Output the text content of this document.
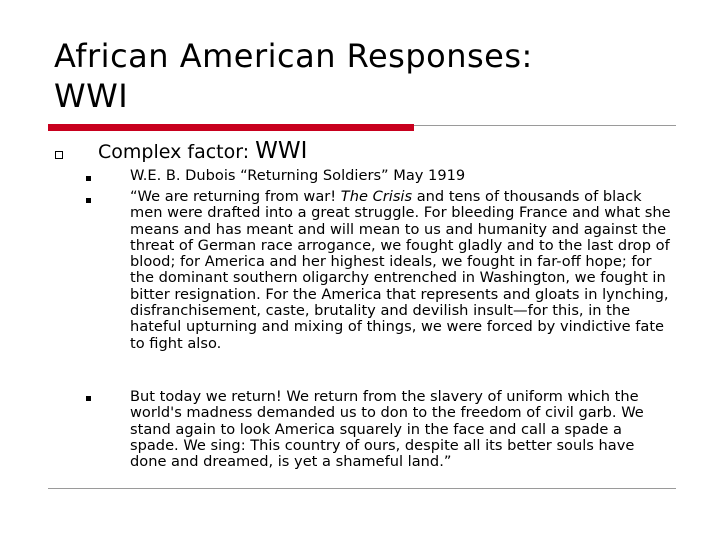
African American Responses:
WWI
Complex factor: WWI

W.E. B. Dubois “Returning Soldiers” May 1919

“We are returning from war! The Crisis and tens of thousands of black men were drafted into a great struggle. For bleeding France and what she means and has meant and will mean to us and humanity and against the threat of German race arrogance, we fought gladly and to the last drop of blood; for America and her highest ideals, we fought in far-off hope; for the dominant southern oligarchy entrenched in Washington, we fought in bitter resignation. For the America that represents and gloats in lynching, disfranchisement, caste, brutality and devilish insult—for this, in the hateful upturning and mixing of things, we were forced by vindictive fate to fight also.

But today we return! We return from the slavery of uniform which the world's madness demanded us to don to the freedom of civil garb. We stand again to look America squarely in the face and call a spade a spade. We sing: This country of ours, despite all its better souls have done and dreamed, is yet a shameful land.”
